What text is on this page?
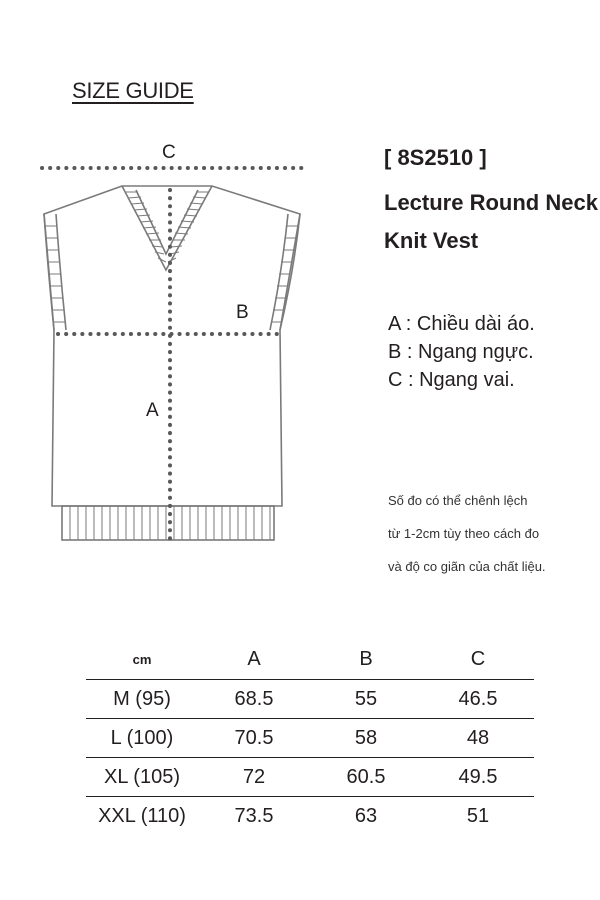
SIZE GUIDE
C
B
A
[ 8S2510 ]
Lecture Round Neck
Knit Vest
A : Chiều dài áo.
B : Ngang ngực.
C : Ngang vai.
Số đo có thể chênh lệch
từ 1-2cm tùy theo cách đo
và độ co giãn của chất liệu.
cm	A	B	C
M (95)	68.5	55	46.5
L (100)	70.5	58	48
XL (105)	72	60.5	49.5
XXL (110)	73.5	63	51
